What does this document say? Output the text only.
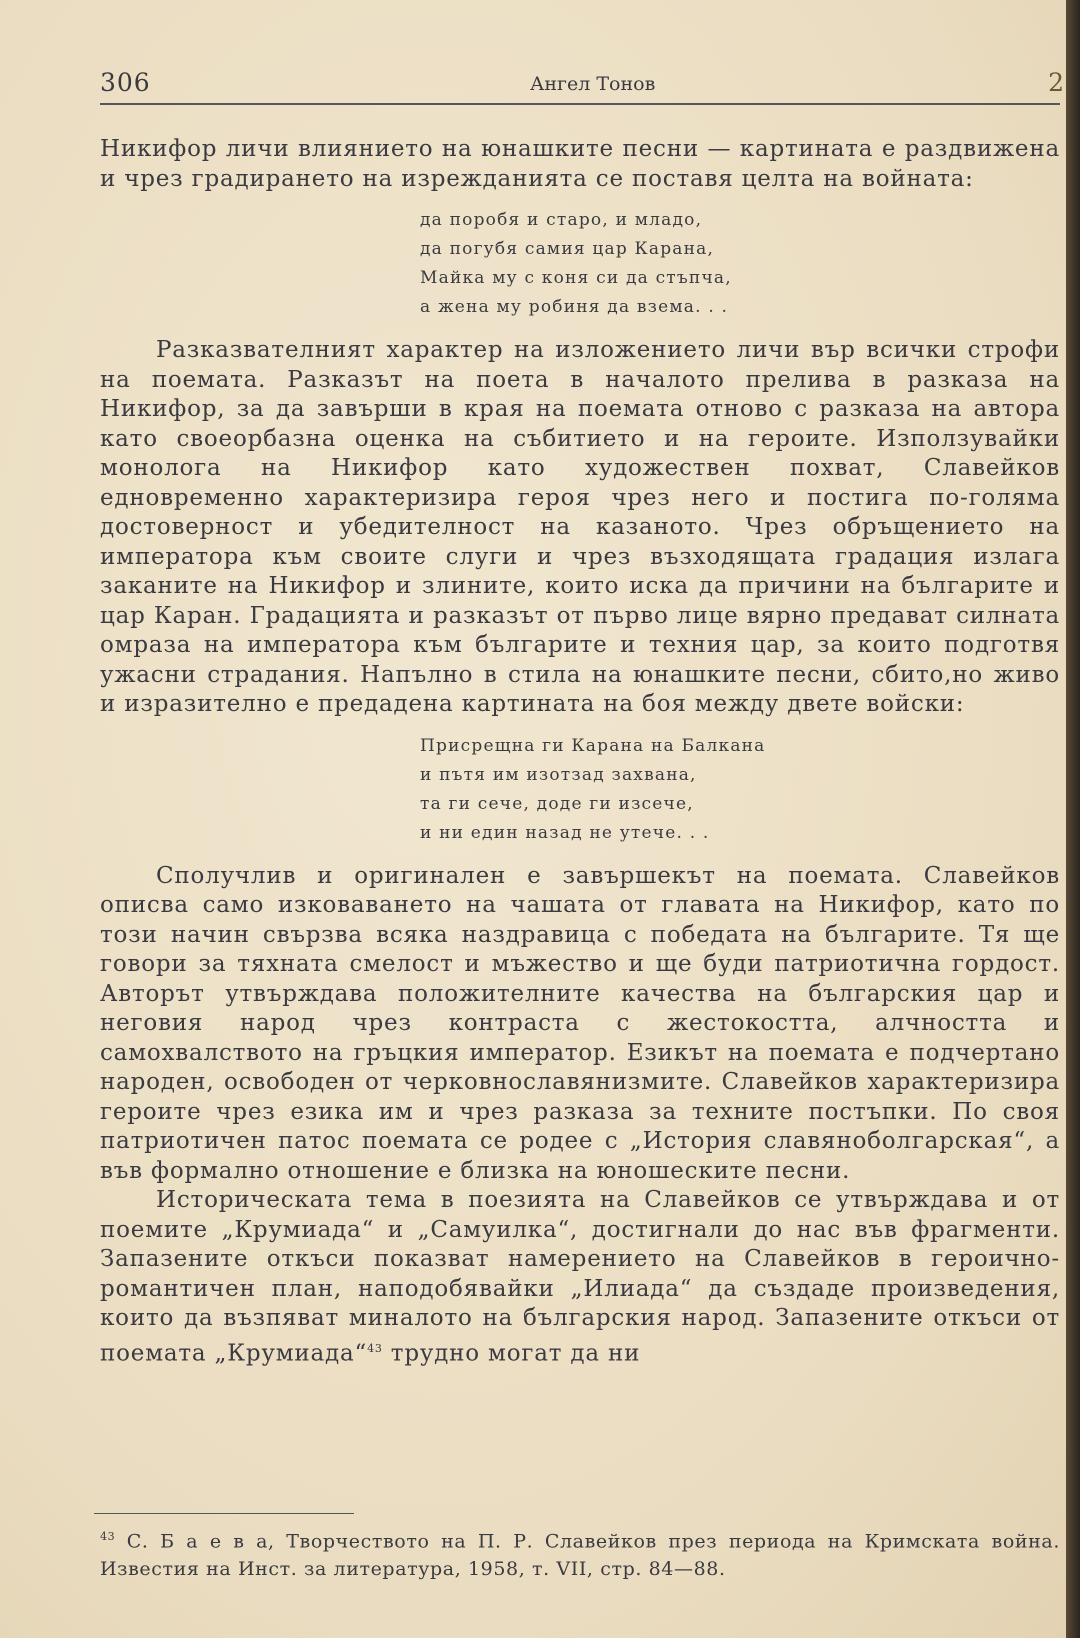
306	Ангел Тонов	2

Никифор личи влиянието на юнашките песни — картината е раздвижена и чрез градирането на изрежданията се поставя целта на войната:

да поробя и старо, и младо,
да погубя самия цар Карана,
Майка му с коня си да стъпча,
а жена му робиня да взема. . .

Разказвателният характер на изложението личи вър всички строфи на поемата. Разказът на поета в началото прелива в разказа на Никифор, за да завърши в края на поемата отново с разказа на автора като своеорбазна оценка на събитието и на героите. Използувайки монолога на Никифор като художествен похват, Славейков едновременно характеризира героя чрез него и постига по-голяма достоверност и убедителност на казаното. Чрез обръщението на императора към своите слуги и чрез възходящата градация излага заканите на Никифор и злините, които иска да причини на българите и цар Каран. Градацията и разказът от първо лице вярно предават силната омраза на императора към българите и техния цар, за които подготвя ужасни страдания. Напълно в стила на юнашките песни, сбито,но живо и изразително е предадена картината на боя между двете войски:

Присрещна ги Карана на Балкана
и пътя им изотзад захвана,
та ги сече, доде ги изсече,
и ни един назад не утече. . .

Сполучлив и оригинален е завършекът на поемата. Славейков описва само изковаването на чашата от главата на Никифор, като по този начин свързва всяка наздравица с победата на българите. Тя ще говори за тяхната смелост и мъжество и ще буди патриотична гордост. Авторът утвърждава положителните качества на българския цар и неговия народ чрез контраста с жестокостта, алчността и самохвалството на гръцкия император. Езикът на поемата е подчертано народен, освободен от черковнославянизмите. Славейков характеризира героите чрез езика им и чрез разказа за техните постъпки. По своя патриотичен патос поемата се родее с „История славянoболгарская“, а във формално отношение е близка на юношеските песни.

Историческата тема в поезията на Славейков се утвърждава и от поемите „Крумиада“ и „Самуилка“, достигнали до нас във фрагменти. Запазените откъси показват намерението на Славейков в героично-романтичен план, наподобявайки „Илиада“ да създаде произведения, които да възпяват миналото на българския народ. Запазените откъси от поемата „Крумиада“$^{43}$ трудно могат да ни

$^{43}$ С. Б а е в а, Творчеството на П. Р. Славейков през периода на Кримската война. Известия на Инст. за литература, 1958, т. VII, стр. 84—88.
